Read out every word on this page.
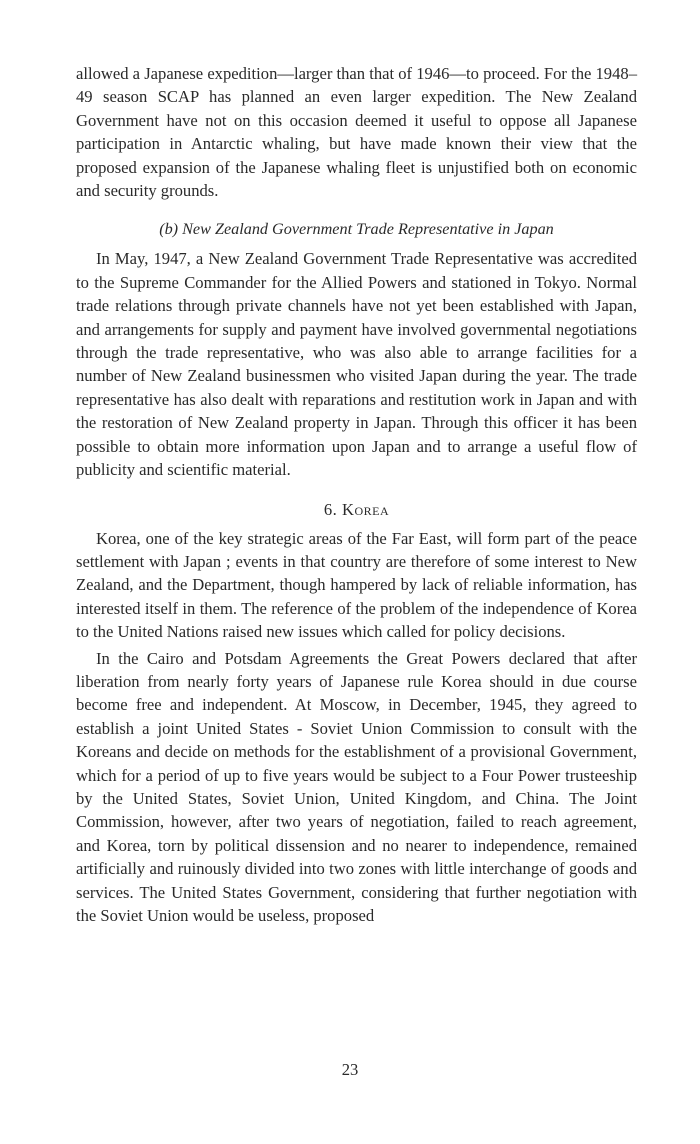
allowed a Japanese expedition—larger than that of 1946—to proceed. For the 1948–49 season SCAP has planned an even larger expedition. The New Zealand Government have not on this occasion deemed it useful to oppose all Japanese participation in Antarctic whaling, but have made known their view that the proposed expansion of the Japanese whaling fleet is unjustified both on economic and security grounds.

(b) New Zealand Government Trade Representative in Japan

In May, 1947, a New Zealand Government Trade Representative was accredited to the Supreme Commander for the Allied Powers and stationed in Tokyo. Normal trade relations through private channels have not yet been established with Japan, and arrangements for supply and payment have involved governmental negotiations through the trade representative, who was also able to arrange facilities for a number of New Zealand businessmen who visited Japan during the year. The trade representative has also dealt with reparations and restitution work in Japan and with the restoration of New Zealand property in Japan. Through this officer it has been possible to obtain more information upon Japan and to arrange a useful flow of publicity and scientific material.

6. Korea

Korea, one of the key strategic areas of the Far East, will form part of the peace settlement with Japan ; events in that country are therefore of some interest to New Zealand, and the Department, though hampered by lack of reliable information, has interested itself in them. The reference of the problem of the independence of Korea to the United Nations raised new issues which called for policy decisions.

In the Cairo and Potsdam Agreements the Great Powers declared that after liberation from nearly forty years of Japanese rule Korea should in due course become free and independent. At Moscow, in December, 1945, they agreed to establish a joint United States - Soviet Union Commission to consult with the Koreans and decide on methods for the establishment of a provisional Government, which for a period of up to five years would be subject to a Four Power trusteeship by the United States, Soviet Union, United Kingdom, and China. The Joint Commission, however, after two years of negotiation, failed to reach agreement, and Korea, torn by political dissension and no nearer to independence, remained artificially and ruinously divided into two zones with little interchange of goods and services. The United States Government, considering that further negotiation with the Soviet Union would be useless, proposed

23
